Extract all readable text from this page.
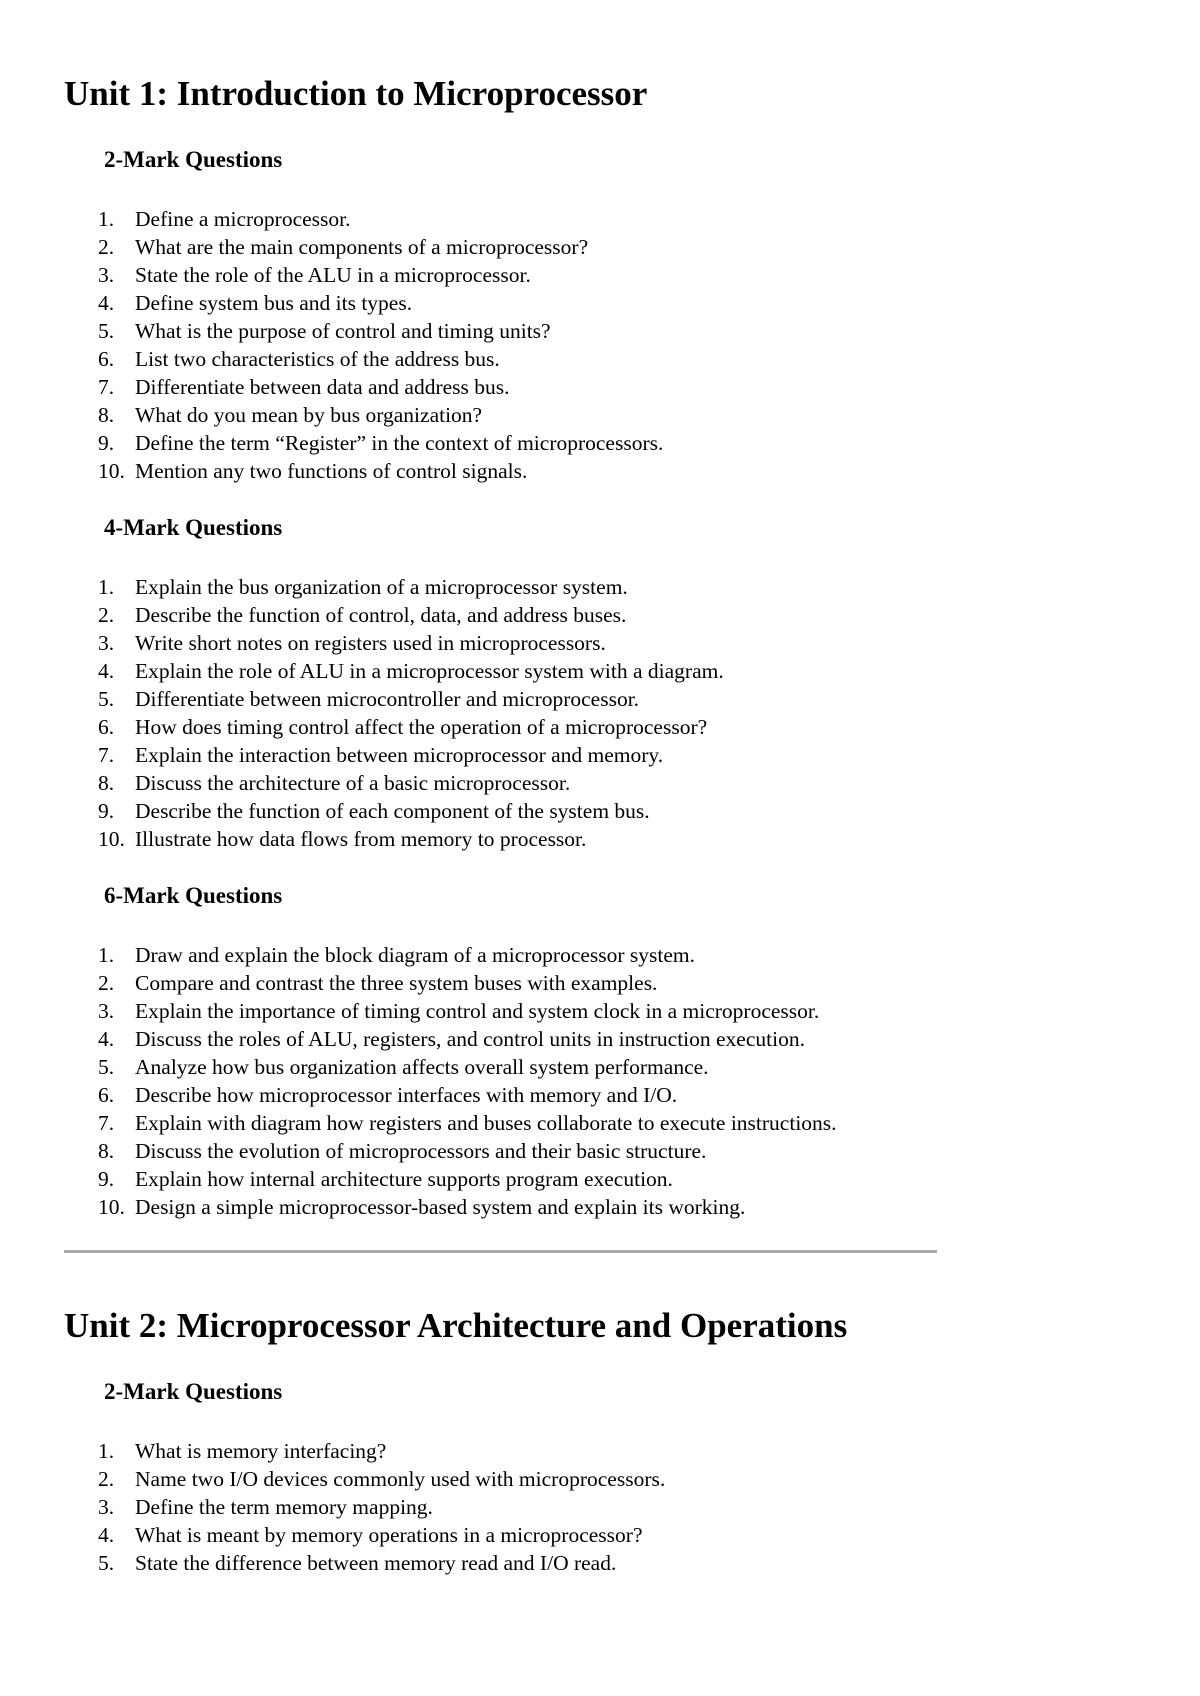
Unit 1: Introduction to Microprocessor
2-Mark Questions
1. Define a microprocessor.
2. What are the main components of a microprocessor?
3. State the role of the ALU in a microprocessor.
4. Define system bus and its types.
5. What is the purpose of control and timing units?
6. List two characteristics of the address bus.
7. Differentiate between data and address bus.
8. What do you mean by bus organization?
9. Define the term “Register” in the context of microprocessors.
10. Mention any two functions of control signals.
4-Mark Questions
1. Explain the bus organization of a microprocessor system.
2. Describe the function of control, data, and address buses.
3. Write short notes on registers used in microprocessors.
4. Explain the role of ALU in a microprocessor system with a diagram.
5. Differentiate between microcontroller and microprocessor.
6. How does timing control affect the operation of a microprocessor?
7. Explain the interaction between microprocessor and memory.
8. Discuss the architecture of a basic microprocessor.
9. Describe the function of each component of the system bus.
10. Illustrate how data flows from memory to processor.
6-Mark Questions
1. Draw and explain the block diagram of a microprocessor system.
2. Compare and contrast the three system buses with examples.
3. Explain the importance of timing control and system clock in a microprocessor.
4. Discuss the roles of ALU, registers, and control units in instruction execution.
5. Analyze how bus organization affects overall system performance.
6. Describe how microprocessor interfaces with memory and I/O.
7. Explain with diagram how registers and buses collaborate to execute instructions.
8. Discuss the evolution of microprocessors and their basic structure.
9. Explain how internal architecture supports program execution.
10. Design a simple microprocessor-based system and explain its working.
Unit 2: Microprocessor Architecture and Operations
2-Mark Questions
1. What is memory interfacing?
2. Name two I/O devices commonly used with microprocessors.
3. Define the term memory mapping.
4. What is meant by memory operations in a microprocessor?
5. State the difference between memory read and I/O read.
